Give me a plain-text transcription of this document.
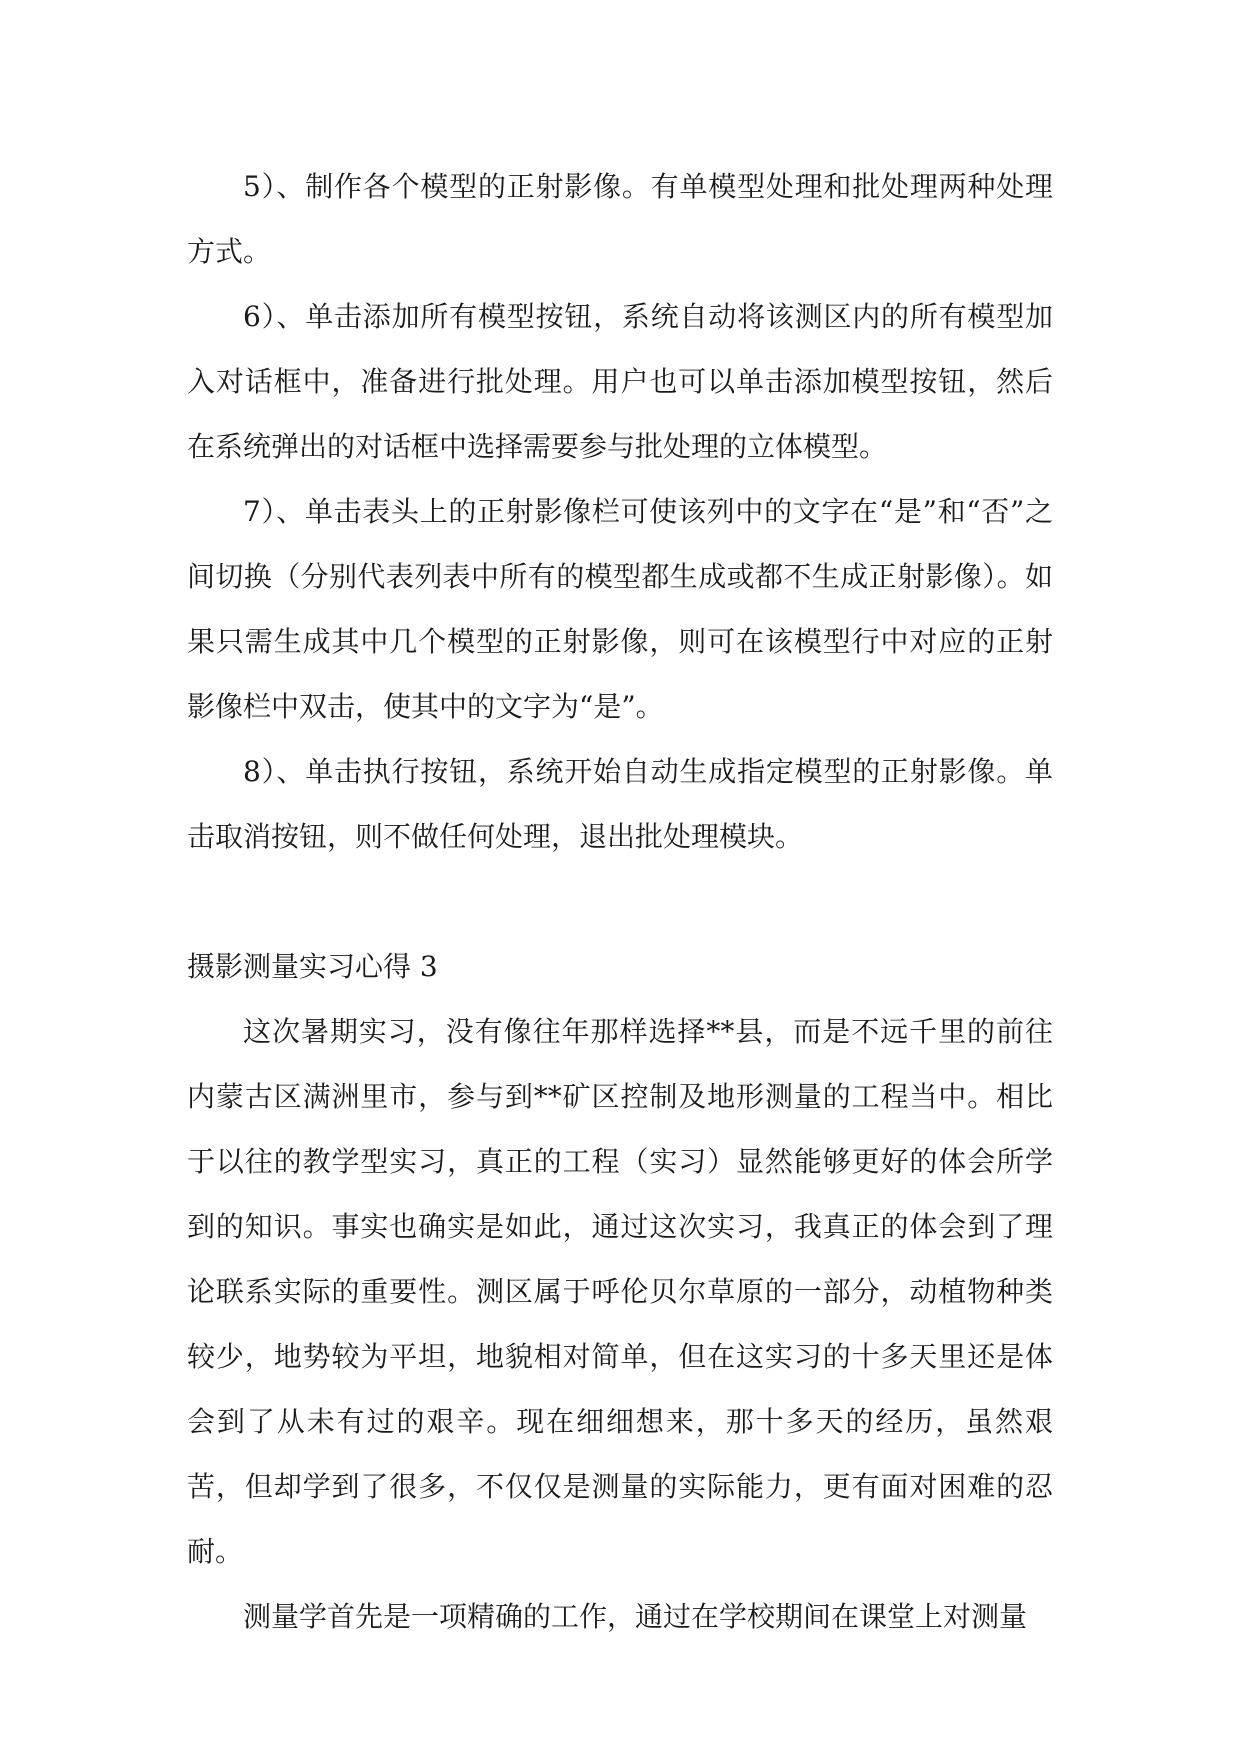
5）、制作各个模型的正射影像。有单模型处理和批处理两种处理方式。

6）、单击添加所有模型按钮，系统自动将该测区内的所有模型加入对话框中，准备进行批处理。用户也可以单击添加模型按钮，然后在系统弹出的对话框中选择需要参与批处理的立体模型。

7）、单击表头上的正射影像栏可使该列中的文字在“是”和“否”之间切换（分别代表列表中所有的模型都生成或都不生成正射影像）。如果只需生成其中几个模型的正射影像，则可在该模型行中对应的正射影像栏中双击，使其中的文字为“是”。

8）、单击执行按钮，系统开始自动生成指定模型的正射影像。单击取消按钮，则不做任何处理，退出批处理模块。

摄影测量实习心得 3

这次暑期实习，没有像往年那样选择**县，而是不远千里的前往内蒙古区满洲里市，参与到**矿区控制及地形测量的工程当中。相比于以往的教学型实习，真正的工程（实习）显然能够更好的体会所学到的知识。事实也确实是如此，通过这次实习，我真正的体会到了理论联系实际的重要性。测区属于呼伦贝尔草原的一部分，动植物种类较少，地势较为平坦，地貌相对简单，但在这实习的十多天里还是体会到了从未有过的艰辛。现在细细想来，那十多天的经历，虽然艰苦，但却学到了很多，不仅仅是测量的实际能力，更有面对困难的忍耐。

测量学首先是一项精确的工作，通过在学校期间在课堂上对测量
